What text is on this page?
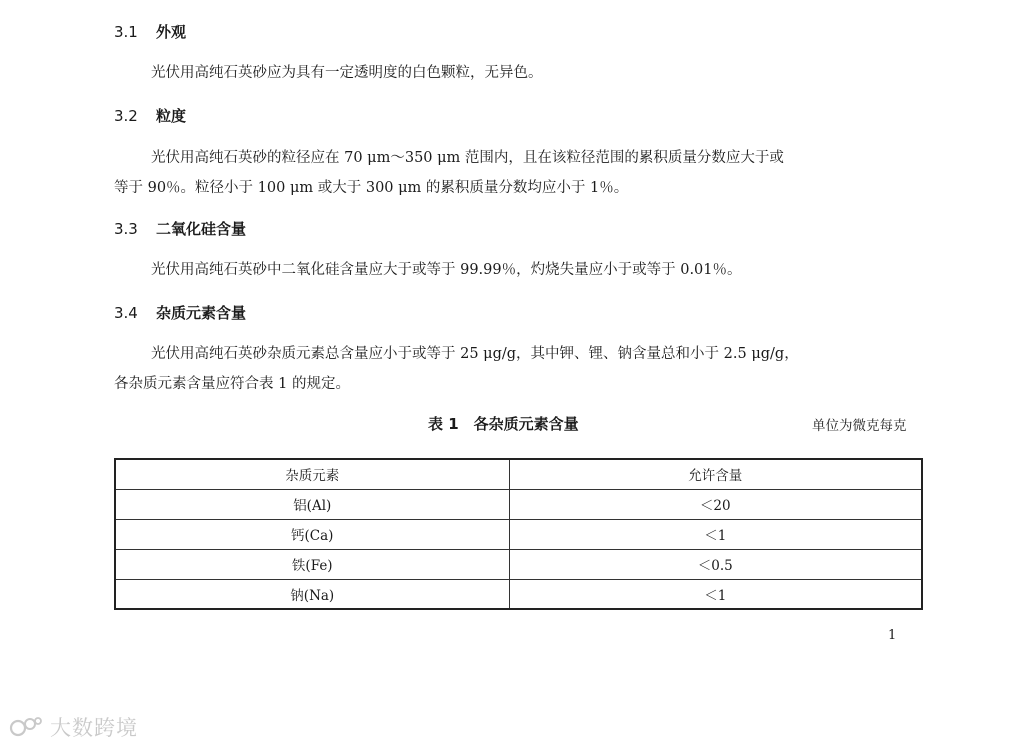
3.1 外观
光伏用高纯石英砂应为具有一定透明度的白色颗粒，无异色。
3.2 粒度
光伏用高纯石英砂的粒径应在 70 μm～350 μm 范围内，且在该粒径范围的累积质量分数应大于或
等于 90％。粒径小于 100 μm 或大于 300 μm 的累积质量分数均应小于 1％。
3.3 二氧化硅含量
光伏用高纯石英砂中二氧化硅含量应大于或等于 99.99％，灼烧失量应小于或等于 0.01％。
3.4 杂质元素含量
光伏用高纯石英砂杂质元素总含量应小于或等于 25 μg/g，其中钾、锂、钠含量总和小于 2.5 μg/g，
各杂质元素含量应符合表 1 的规定。
表 1　各杂质元素含量	单位为微克每克
杂质元素	允许含量
铝(Al)	＜20
钙(Ca)	＜1
铁(Fe)	＜0.5
钠(Na)	＜1
1
大数跨境
